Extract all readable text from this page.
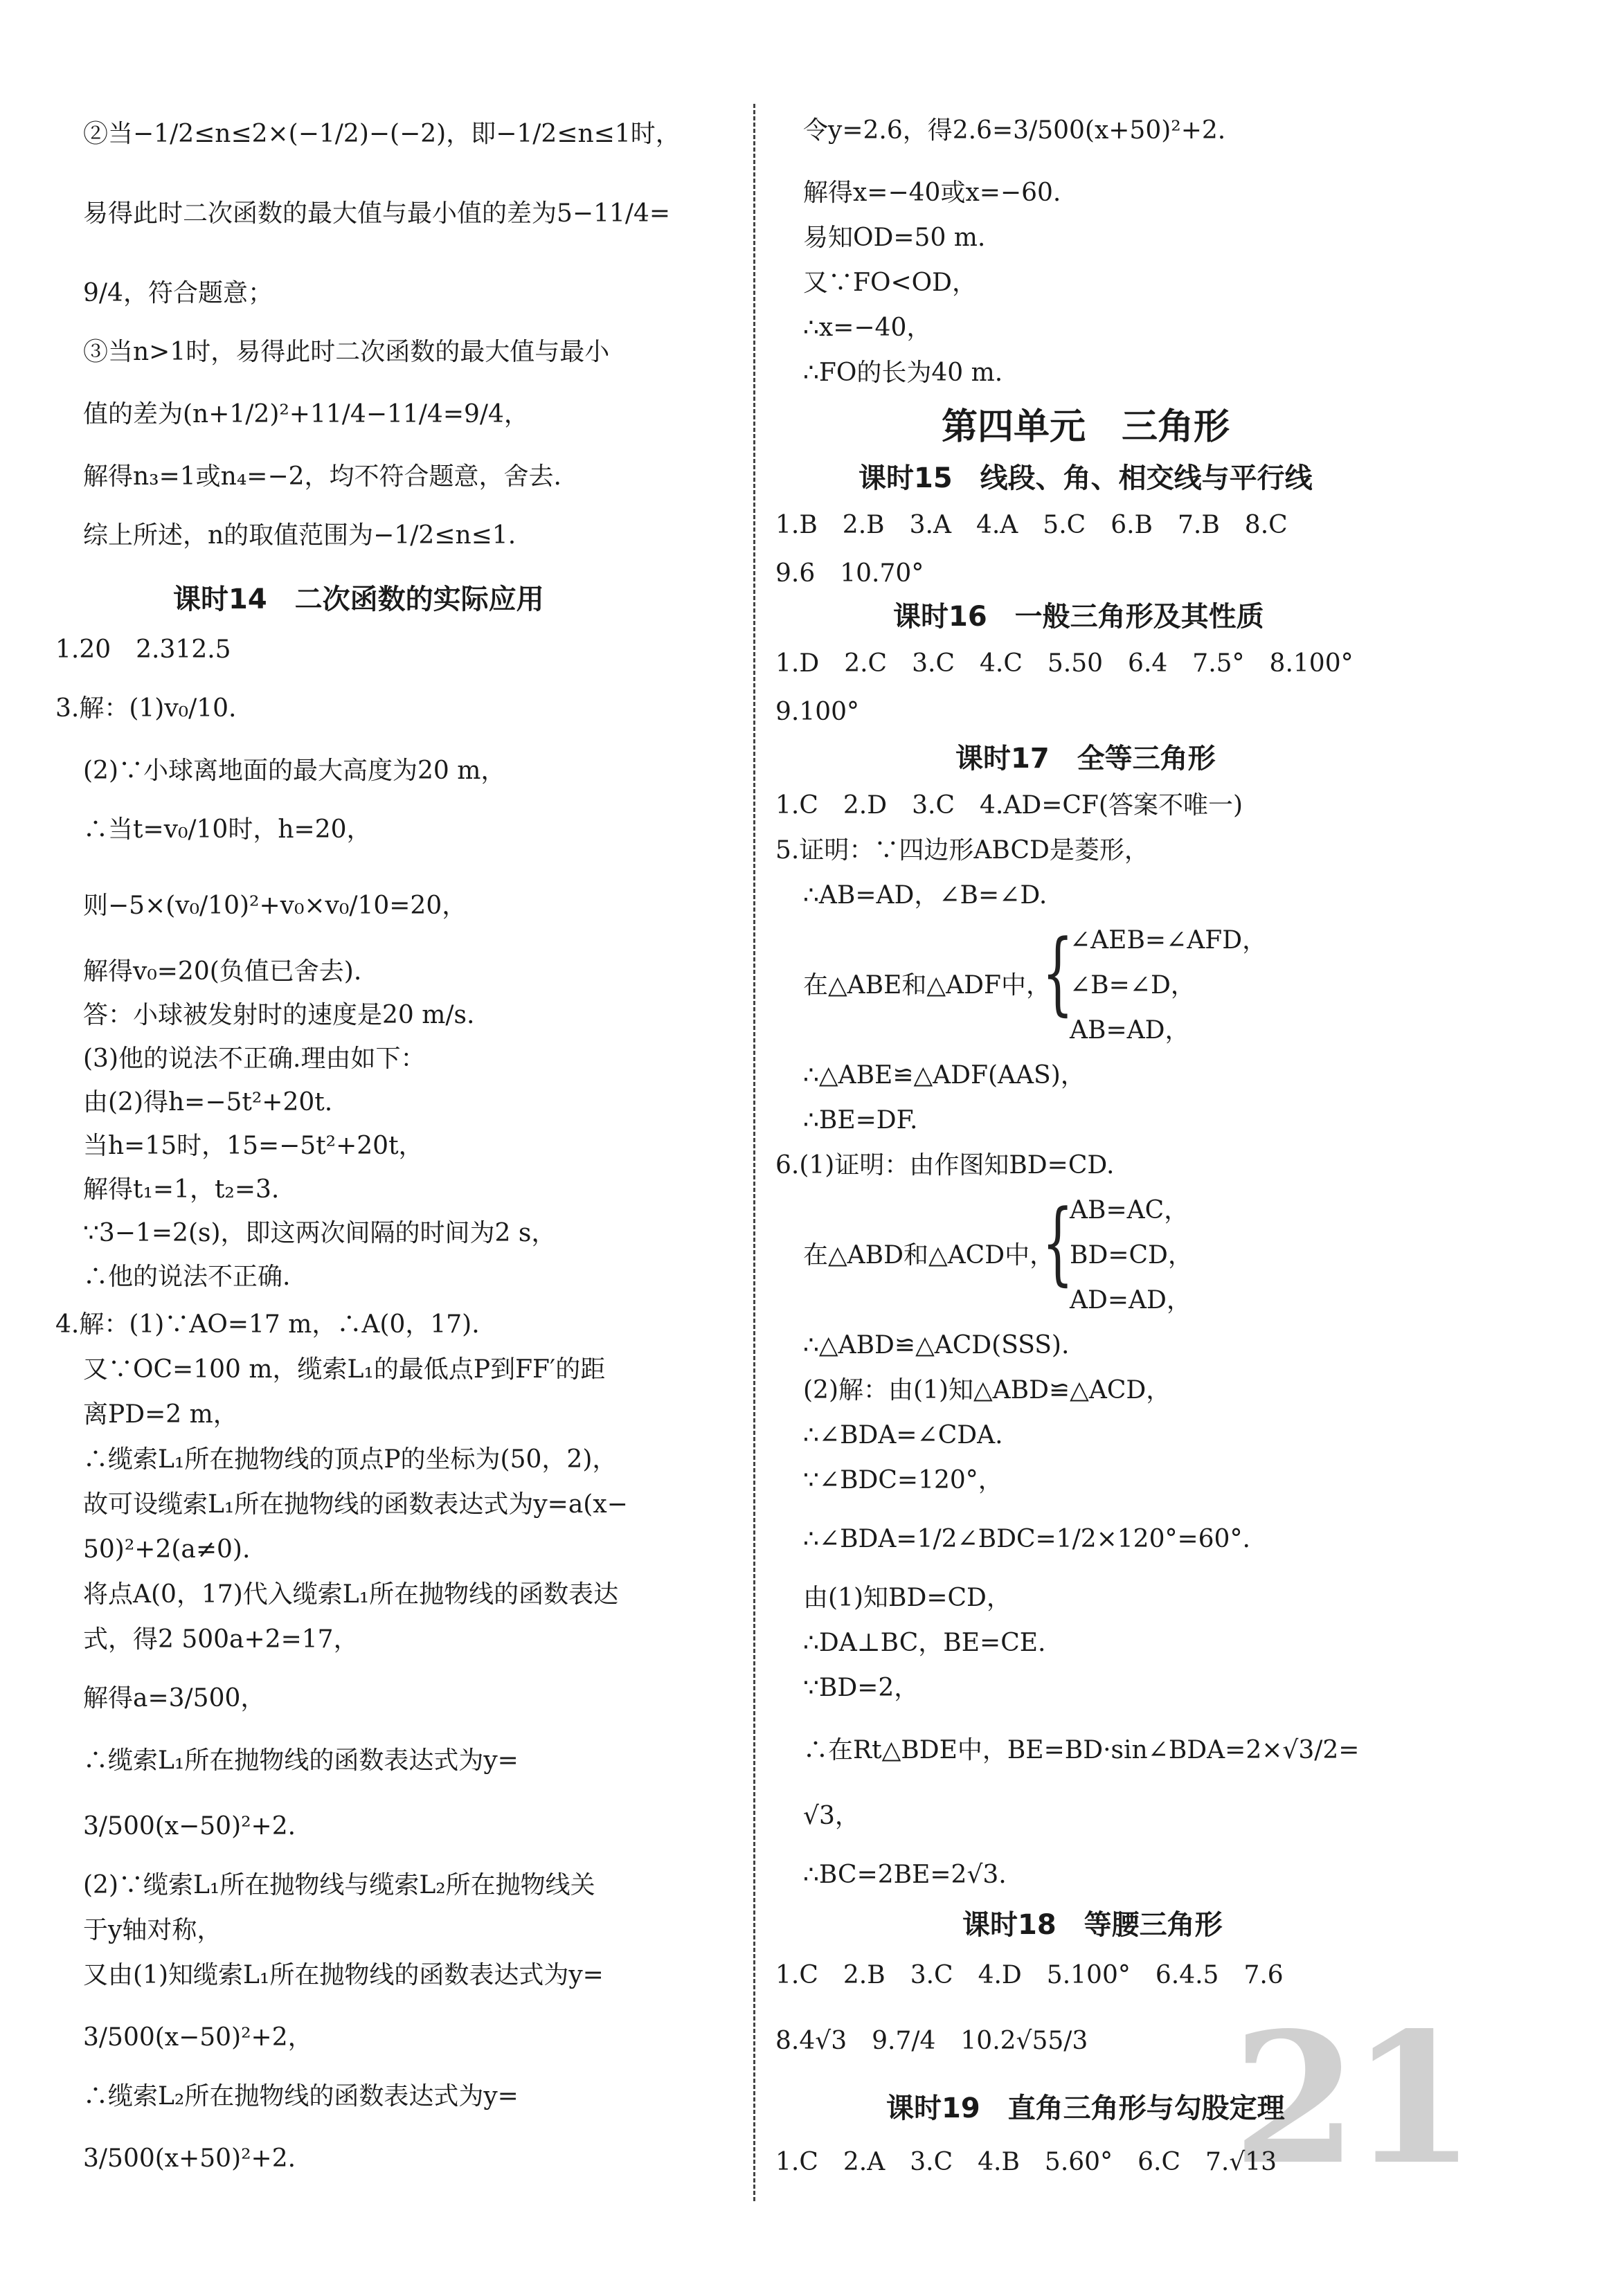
21
②当−1/2≤n≤2×(−1/2)−(−2)，即−1/2≤n≤1时，
易得此时二次函数的最大值与最小值的差为5−11/4=
9/4，符合题意；
③当n>1时，易得此时二次函数的最大值与最小
值的差为(n+1/2)²+11/4−11/4=9/4，
解得n₃=1或n₄=−2，均不符合题意，舍去.
综上所述，n的取值范围为−1/2≤n≤1.
课时14　二次函数的实际应用
1.20　2.312.5
3.解：(1)v₀/10.
(2)∵小球离地面的最大高度为20 m，
∴当t=v₀/10时，h=20，
则−5×(v₀/10)²+v₀×v₀/10=20，
解得v₀=20(负值已舍去).
答：小球被发射时的速度是20 m/s.
(3)他的说法不正确.理由如下：
由(2)得h=−5t²+20t.
当h=15时，15=−5t²+20t，
解得t₁=1，t₂=3.
∵3−1=2(s)，即这两次间隔的时间为2 s，
∴他的说法不正确.
4.解：(1)∵AO=17 m，∴A(0，17).
又∵OC=100 m，缆索L₁的最低点P到FF′的距
离PD=2 m，
∴缆索L₁所在抛物线的顶点P的坐标为(50，2)，
故可设缆索L₁所在抛物线的函数表达式为y=a(x−
50)²+2(a≠0).
将点A(0，17)代入缆索L₁所在抛物线的函数表达
式，得2 500a+2=17，
解得a=3/500，
∴缆索L₁所在抛物线的函数表达式为y=
3/500(x−50)²+2.
(2)∵缆索L₁所在抛物线与缆索L₂所在抛物线关
于y轴对称，
又由(1)知缆索L₁所在抛物线的函数表达式为y=
3/500(x−50)²+2，
∴缆索L₂所在抛物线的函数表达式为y=
3/500(x+50)²+2.
令y=2.6，得2.6=3/500(x+50)²+2.
解得x=−40或x=−60.
易知OD=50 m.
又∵FO<OD，
∴x=−40，
∴FO的长为40 m.
第四单元　三角形
课时15　线段、角、相交线与平行线
1.B　2.B　3.A　4.A　5.C　6.B　7.B　8.C
9.6　10.70°
课时16　一般三角形及其性质
1.D　2.C　3.C　4.C　5.50　6.4　7.5°　8.100°
9.100°
课时17　全等三角形
1.C　2.D　3.C　4.AD=CF(答案不唯一)
5.证明：∵四边形ABCD是菱形，
∴AB=AD，∠B=∠D.
在△ABE和△ADF中，
{
∠AEB=∠AFD，
∠B=∠D，
AB=AD，
∴△ABE≌△ADF(AAS)，
∴BE=DF.
6.(1)证明：由作图知BD=CD.
在△ABD和△ACD中，
{
AB=AC，
BD=CD，
AD=AD，
∴△ABD≌△ACD(SSS).
(2)解：由(1)知△ABD≌△ACD，
∴∠BDA=∠CDA.
∵∠BDC=120°，
∴∠BDA=1/2∠BDC=1/2×120°=60°.
由(1)知BD=CD，
∴DA⊥BC，BE=CE.
∵BD=2，
∴在Rt△BDE中，BE=BD·sin∠BDA=2×√3/2=
√3，
∴BC=2BE=2√3.
课时18　等腰三角形
1.C　2.B　3.C　4.D　5.100°　6.4.5　7.6
8.4√3　9.7/4　10.2√55/3
课时19　直角三角形与勾股定理
1.C　2.A　3.C　4.B　5.60°　6.C　7.√13
